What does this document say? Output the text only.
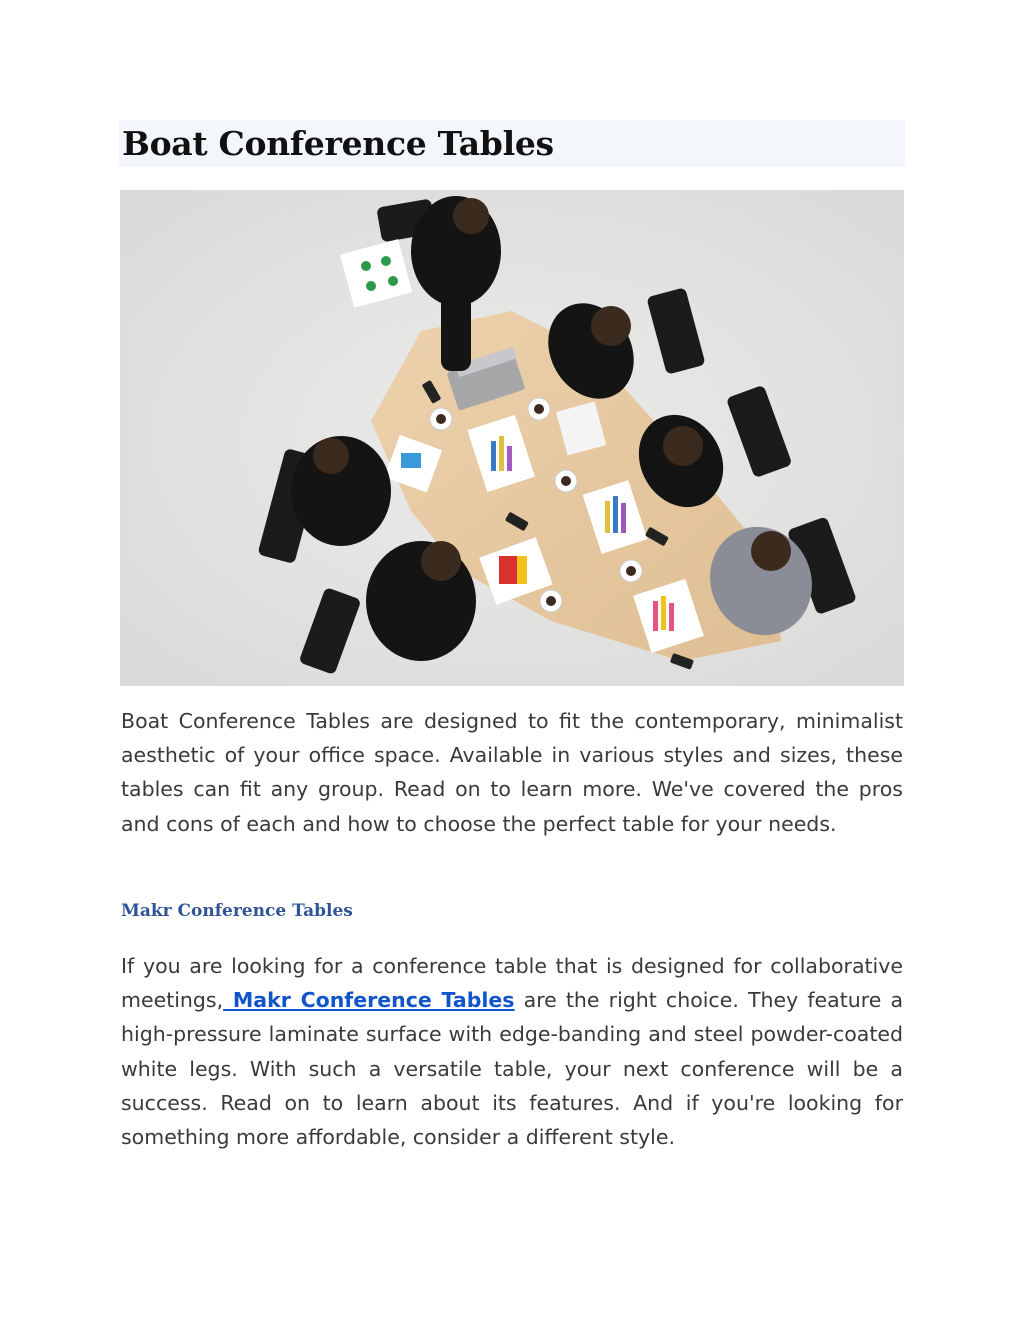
Boat Conference Tables

Boat Conference Tables are designed to fit the contemporary, minimalist aesthetic of your office space. Available in various styles and sizes, these tables can fit any group. Read on to learn more. We've covered the pros and cons of each and how to choose the perfect table for your needs.

Makr Conference Tables

If you are looking for a conference table that is designed for collaborative meetings, Makr Conference Tables are the right choice. They feature a high-pressure laminate surface with edge-banding and steel powder-coated white legs. With such a versatile table, your next conference will be a success. Read on to learn about its features. And if you're looking for something more affordable, consider a different style.
